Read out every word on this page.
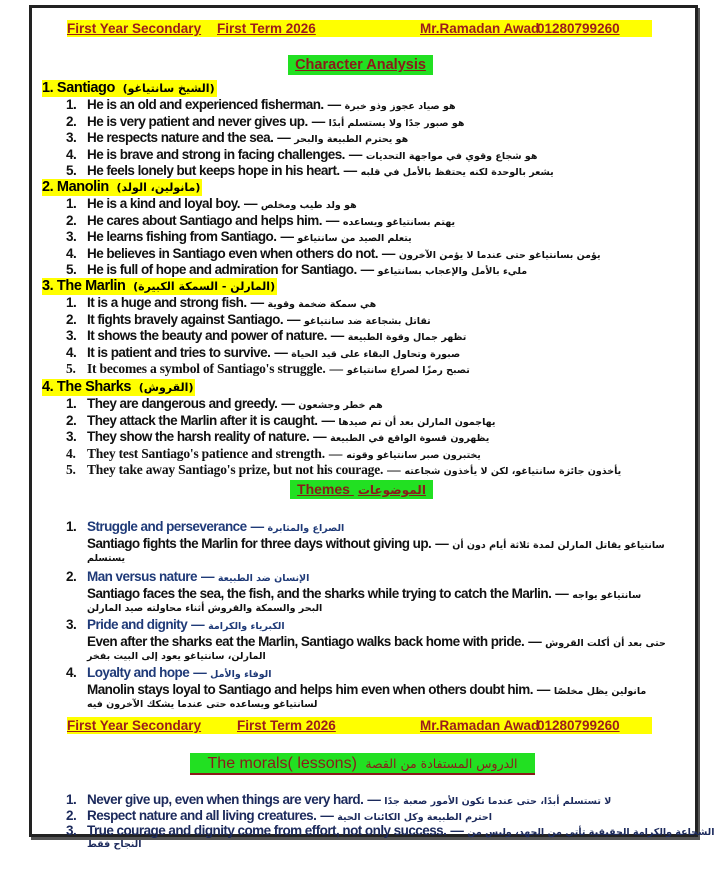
First Year Secondary First Term 2026	Mr.Ramadan Awad
01280799260
Character Analysis
1. Santiago (الشيخ سانتياغو)
1. He is an old and experienced fisherman. — هو صياد عجوز وذو خبرة
2. He is very patient and never gives up. — هو صبور جدًا ولا يستسلم أبدًا
3. He respects nature and the sea. — هو يحترم الطبيعة والبحر
4. He is brave and strong in facing challenges. — هو شجاع وقوي في مواجهة التحديات
5. He feels lonely but keeps hope in his heart. — يشعر بالوحدة لكنه يحتفظ بالأمل في قلبه
2. Manolin (مانولين، الولد)
1. He is a kind and loyal boy. — هو ولد طيب ومخلص
2. He cares about Santiago and helps him. — يهتم بسانتياغو ويساعده
3. He learns fishing from Santiago. — يتعلم الصيد من سانتياغو
4. He believes in Santiago even when others do not. — يؤمن بسانتياغو حتى عندما لا يؤمن الآخرون
5. He is full of hope and admiration for Santiago. — مليء بالأمل والإعجاب بسانتياغو
3. The Marlin (المارلن - السمكة الكبيرة)
1. It is a huge and strong fish. — هي سمكة ضخمة وقوية
2. It fights bravely against Santiago. — تقاتل بشجاعة ضد سانتياغو
3. It shows the beauty and power of nature. — تظهر جمال وقوة الطبيعة
4. It is patient and tries to survive. — صبورة وتحاول البقاء على قيد الحياة
5. It becomes a symbol of Santiago's struggle. — تصبح رمزًا لصراع سانتياغو
4. The Sharks (القروش)
1. They are dangerous and greedy. — هم خطر وجشعون
2. They attack the Marlin after it is caught. — يهاجمون المارلن بعد أن تم صيدها
3. They show the harsh reality of nature. — يظهرون قسوة الواقع في الطبيعة
4. They test Santiago's patience and strength. — يختبرون صبر سانتياغو وقوته
5. They take away Santiago's prize, but not his courage. — يأخذون جائزة سانتياغو، لكن لا يأخذون شجاعته
Themes الموضوعات
1. Struggle and perseverance — الصراع والمثابرة
Santiago fights the Marlin for three days without giving up. — سانتياغو يقاتل المارلن لمدة ثلاثة أيام دون أن
يستسلم
2. Man versus nature — الإنسان ضد الطبيعة
Santiago faces the sea, the fish, and the sharks while trying to catch the Marlin. — سانتياغو يواجه
البحر والسمكة والقروش أثناء محاولته صيد المارلن
3. Pride and dignity — الكبرياء والكرامة
Even after the sharks eat the Marlin, Santiago walks back home with pride. — حتى بعد أن أكلت القروش
المارلن، سانتياغو يعود إلى البيت بفخر
4. Loyalty and hope — الوفاء والأمل
Manolin stays loyal to Santiago and helps him even when others doubt him. — مانولين يظل مخلصًا
لسانتياغو ويساعده حتى عندما يشكك الآخرون فيه
First Year Secondary	First Term 2026	Mr.Ramadan Awad
01280799260
The morals( lessons) الدروس المستفادة من القصة
1. Never give up, even when things are very hard. — لا تستسلم أبدًا، حتى عندما تكون الأمور صعبة جدًا
2. Respect nature and all living creatures. — احترم الطبيعة وكل الكائنات الحية
3. True courage and dignity come from effort, not only success. — الشجاعة والكرامة الحقيقية تأتي من الجهد، وليس من
النجاح فقط
